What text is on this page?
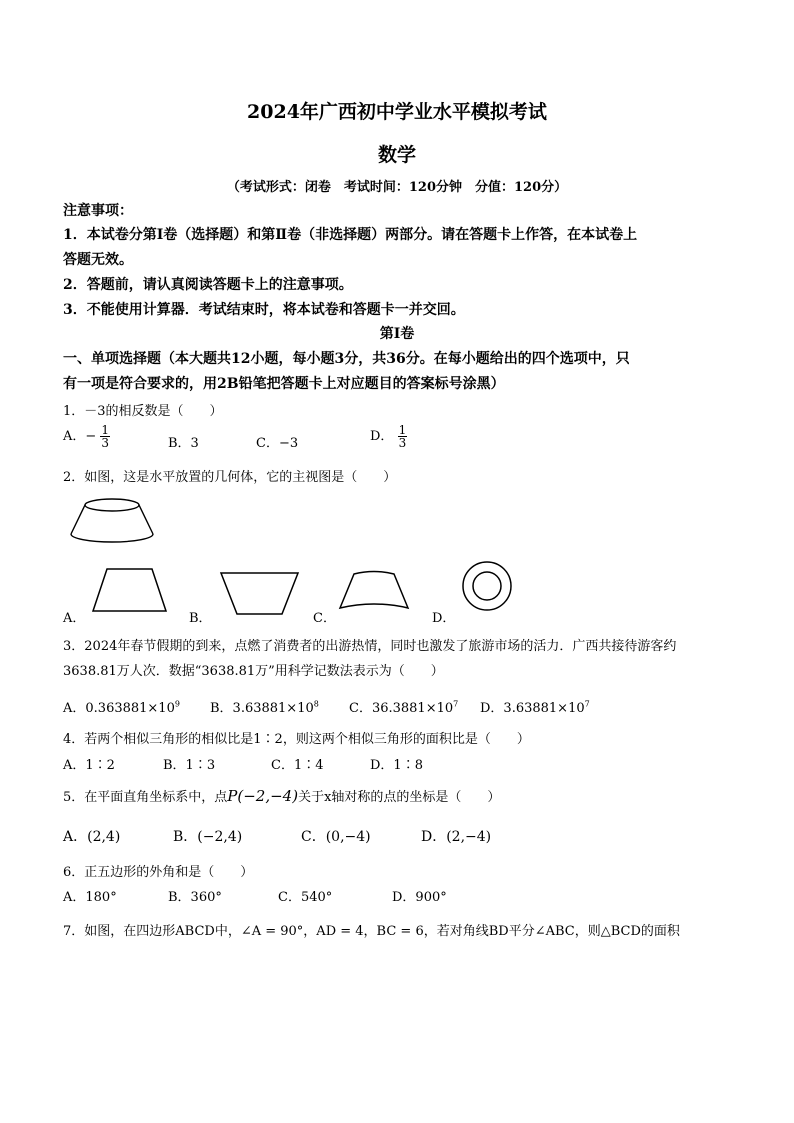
2024年广西初中学业水平模拟考试
数学
（考试形式：闭卷　考试时间：120分钟　分值：120分）
注意事项：
1．本试卷分第Ⅰ卷（选择题）和第Ⅱ卷（非选择题）两部分。请在答题卡上作答，在本试卷上
答题无效。
2．答题前，请认真阅读答题卡上的注意事项。
3．不能使用计算器．考试结束时，将本试卷和答题卡一并交回。
第Ⅰ卷
一、单项选择题（本大题共12小题，每小题3分，共36分。在每小题给出的四个选项中，只
有一项是符合要求的，用2B铅笔把答题卡上对应题目的答案标号涂黑）
1．－3的相反数是（　　）
A．− $\frac{1}{3}$	B．3	C．−3	D． $\frac{1}{3}$
2．如图，这是水平放置的几何体，它的主视图是（　　）
A．	B．	C．	D．
3．2024年春节假期的到来，点燃了消费者的出游热情，同时也激发了旅游市场的活力．广西共接待游客约
3638.81万人次．数据“3638.81万”用科学记数法表示为（　　）
A．$0.363881\times 10^9$ B．$3.63881\times 10^8$ C．$36.3881\times 10^7$ D．$3.63881\times 10^7$
4．若两个相似三角形的相似比是1∶2，则这两个相似三角形的面积比是（　　）
A．1∶2	B．1∶3	C．1∶4	D．1∶8
5．在平面直角坐标系中，点P(−2,−4)关于x轴对称的点的坐标是（　　）
A．(2,4)	B．(−2,4)	C．(0,−4)	D．(2,−4)
6．正五边形的外角和是（　　）
A．180°	B．360°	C．540°	D．900°
7．如图，在四边形ABCD中，∠A = 90°，AD = 4，BC = 6，若对角线BD平分∠ABC，则△BCD的面积
